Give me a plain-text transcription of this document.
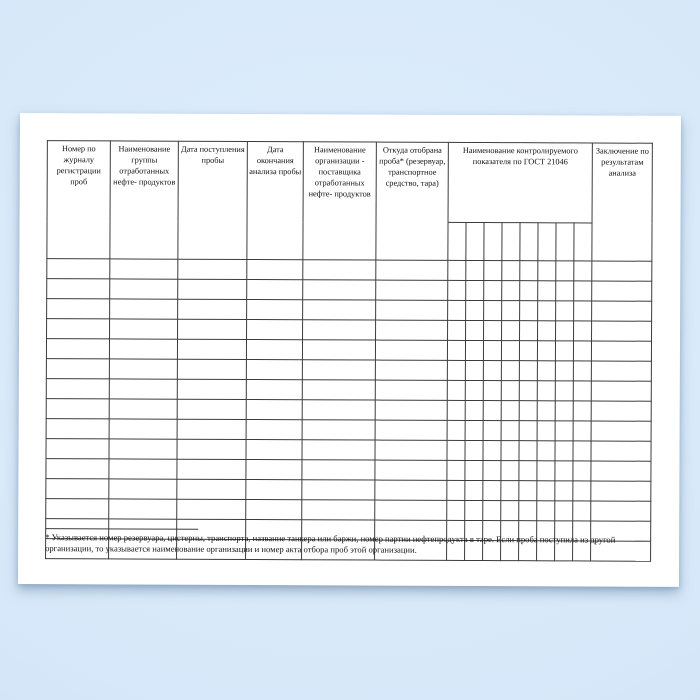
Номер по журналу регистрации проб	Наименование группы отработанных нефте- продуктов	Дата поступления пробы	Дата окончания анализа пробы	Наименование организации - поставщика отработанных нефте- продуктов	Откуда отобрана проба* (резервуар, транспортное средство, тара)	Наименование контролируемого показателя по ГОСТ 21046								Заключение по результатам анализа

* Указывается номер резервуара, цистерны, транспорта, название танкера или баржи, номер партии нефтепродукта в таре. Если проба поступила из другой организации, то указывается наименование организации и номер акта отбора проб этой организации.
